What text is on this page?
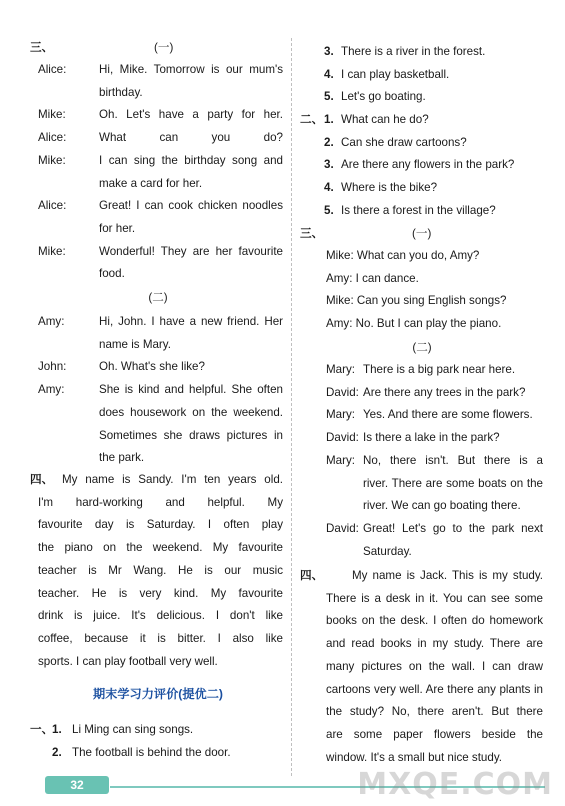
三、	(一)
Alice:	Hi, Mike. Tomorrow is our mum's
birthday.
Mike:	Oh. Let's have a party for her.
Alice:	What can you do?
Mike:	I can sing the birthday song and
make a card for her.
Alice:	Great! I can cook chicken noodles
for her.
Mike:	Wonderful! They are her favourite
food.
(二)
Amy:	Hi, John. I have a new friend. Her
name is Mary.
John:	Oh. What's she like?
Amy:	She is kind and helpful. She often
does housework on the weekend.
Sometimes she draws pictures in
the park.
四、 My name is Sandy. I'm ten years old.
I'm hard-working and helpful. My
favourite day is Saturday. I often play
the piano on the weekend. My favourite
teacher is Mr Wang. He is our music
teacher. He is very kind. My favourite
drink is juice. It's delicious. I don't like
coffee, because it is bitter. I also like
sports. I can play football very well.
期末学习力评价(提优二)
一、
1. Li Ming can sing songs.
2. The football is behind the door.
3. There is a river in the forest.
4. I can play basketball.
5. Let's go boating.
二、 1. What can he do?
2. Can she draw cartoons?
3. Are there any flowers in the park?
4. Where is the bike?
5. Is there a forest in the village?
三、	(一)
Mike: What can you do, Amy?
Amy: I can dance.
Mike: Can you sing English songs?
Amy: No. But I can play the piano.
(二)
Mary: There is a big park near here.
David: Are there any trees in the park?
Mary: Yes. And there are some flowers.
David: Is there a lake in the park?
Mary: No, there isn't. But there is a
river. There are some boats on the
river. We can go boating there.
David: Great! Let's go to the park next
Saturday.
四、 My name is Jack. This is my study.
There is a desk in it. You can see some
books on the desk. I often do homework
and read books in my study. There are
many pictures on the wall. I can draw
cartoons very well. Are there any plants in
the study? No, there aren't. But there
are some paper flowers beside the
window. It's a small but nice study.
32	MXQE.COM
